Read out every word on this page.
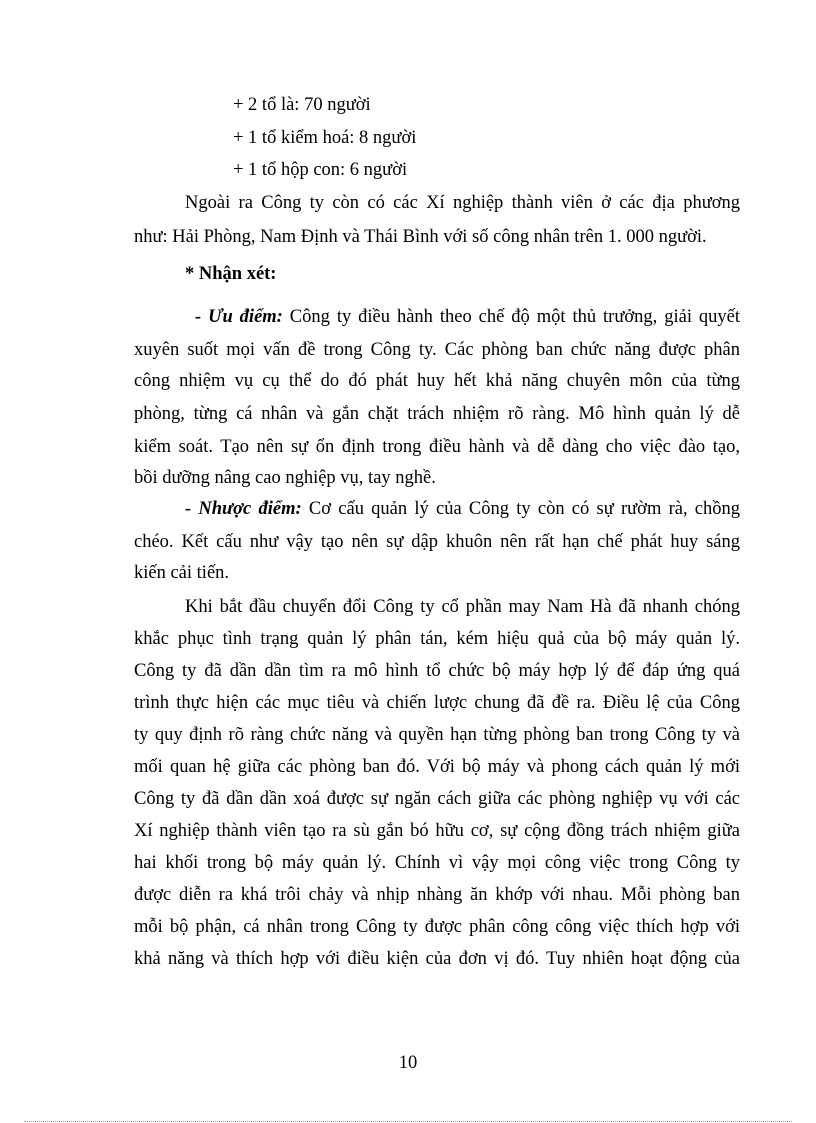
+ 2 tổ là: 70 người
+ 1 tổ kiểm hoá: 8 người
+ 1 tổ hộp con: 6 người
Ngoài ra Công ty còn có các Xí nghiệp thành viên ở các địa phương
như: Hải Phòng, Nam Định và Thái Bình với số công nhân trên 1. 000 người.
* Nhận xét:
- Ưu điểm: Công ty điều hành theo chế độ một thủ trưởng, giải quyết
xuyên suốt mọi vấn đề trong Công ty. Các phòng ban chức năng được phân
công nhiệm vụ cụ thể do đó phát huy hết khả năng chuyên môn của từng
phòng, từng cá nhân và gắn chặt trách nhiệm rõ ràng. Mô hình quản lý dễ
kiểm soát. Tạo nên sự ổn định trong điều hành và dễ dàng cho việc đào tạo,
bồi dưỡng nâng cao nghiệp vụ, tay nghề.
- Nhược điểm: Cơ cấu quản lý của Công ty còn có sự rườm rà, chồng
chéo. Kết cấu như vậy tạo nên sự dập khuôn nên rất hạn chế phát huy sáng
kiến cải tiến.
Khi bắt đầu chuyển đổi Công ty cổ phần may Nam Hà đã nhanh chóng
khắc phục tình trạng quản lý phân tán, kém hiệu quả của bộ máy quản lý.
Công ty đã dần dần tìm ra mô hình tổ chức bộ máy hợp lý để đáp ứng quá
trình thực hiện các mục tiêu và chiến lược chung đã đề ra. Điều lệ của Công
ty quy định rõ ràng chức năng và quyền hạn từng phòng ban trong Công ty và
mối quan hệ giữa các phòng ban đó. Với bộ máy và phong cách quản lý mới
Công ty đã dần dần xoá được sự ngăn cách giữa các phòng nghiệp vụ với các
Xí nghiệp thành viên tạo ra sù gắn bó hữu cơ, sự cộng đồng trách nhiệm giữa
hai khối trong bộ máy quản lý. Chính vì vậy mọi công việc trong Công ty
được diễn ra khá trôi chảy và nhịp nhàng ăn khớp với nhau. Mỗi phòng ban
mỗi bộ phận, cá nhân trong Công ty được phân công công việc thích hợp với
khả năng và thích hợp với điều kiện của đơn vị đó. Tuy nhiên hoạt động của
10
